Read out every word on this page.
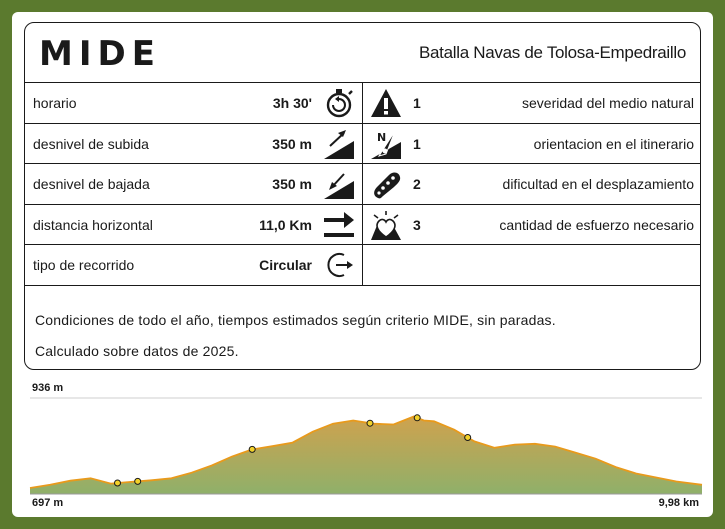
MIDE	Batalla Navas de Tolosa-Empedraillo
horario	3h 30'	1	severidad del medio natural
desnivel de subida	350 m	N 1	orientacion en el itinerario
desnivel de bajada	350 m	2	dificultad en el desplazamiento
distancia horizontal	11,0 Km	3	cantidad de esfuerzo necesario
tipo de recorrido	Circular
Condiciones de todo el año, tiempos estimados según criterio MIDE, sin paradas.
Calculado sobre datos de 2025.
936 m
697 m	9,98 km
